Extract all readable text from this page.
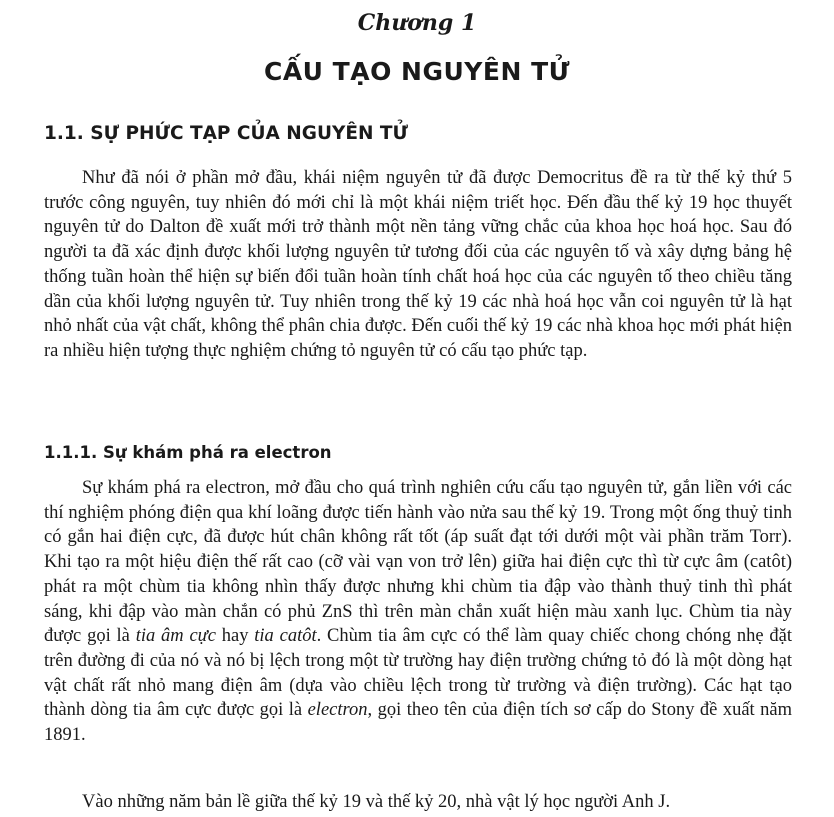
Chương 1
CẤU TẠO NGUYÊN TỬ
1.1. SỰ PHỨC TẠP CỦA NGUYÊN TỬ

Như đã nói ở phần mở đầu, khái niệm nguyên tử đã được Democritus đề ra từ thế kỷ thứ 5 trước công nguyên, tuy nhiên đó mới chỉ là một khái niệm triết học. Đến đầu thế kỷ 19 học thuyết nguyên tử do Dalton đề xuất mới trở thành một nền tảng vững chắc của khoa học hoá học. Sau đó người ta đã xác định được khối lượng nguyên tử tương đối của các nguyên tố và xây dựng bảng hệ thống tuần hoàn thể hiện sự biến đổi tuần hoàn tính chất hoá học của các nguyên tố theo chiều tăng dần của khối lượng nguyên tử. Tuy nhiên trong thế kỷ 19 các nhà hoá học vẫn coi nguyên tử là hạt nhỏ nhất của vật chất, không thể phân chia được. Đến cuối thế kỷ 19 các nhà khoa học mới phát hiện ra nhiều hiện tượng thực nghiệm chứng tỏ nguyên tử có cấu tạo phức tạp.

1.1.1. Sự khám phá ra electron

Sự khám phá ra electron, mở đầu cho quá trình nghiên cứu cấu tạo nguyên tử, gắn liền với các thí nghiệm phóng điện qua khí loãng được tiến hành vào nửa sau thế kỷ 19. Trong một ống thuỷ tinh có gắn hai điện cực, đã được hút chân không rất tốt (áp suất đạt tới dưới một vài phần trăm Torr). Khi tạo ra một hiệu điện thế rất cao (cỡ vài vạn von trở lên) giữa hai điện cực thì từ cực âm (catôt) phát ra một chùm tia không nhìn thấy được nhưng khi chùm tia đập vào thành thuỷ tinh thì phát sáng, khi đập vào màn chắn có phủ ZnS thì trên màn chắn xuất hiện màu xanh lục. Chùm tia này được gọi là tia âm cực hay tia catôt. Chùm tia âm cực có thể làm quay chiếc chong chóng nhẹ đặt trên đường đi của nó và nó bị lệch trong một từ trường hay điện trường chứng tỏ đó là một dòng hạt vật chất rất nhỏ mang điện âm (dựa vào chiều lệch trong từ trường và điện trường). Các hạt tạo thành dòng tia âm cực được gọi là electron, gọi theo tên của điện tích sơ cấp do Stony đề xuất năm 1891.

Vào những năm bản lề giữa thế kỷ 19 và thế kỷ 20, nhà vật lý học người Anh J.
